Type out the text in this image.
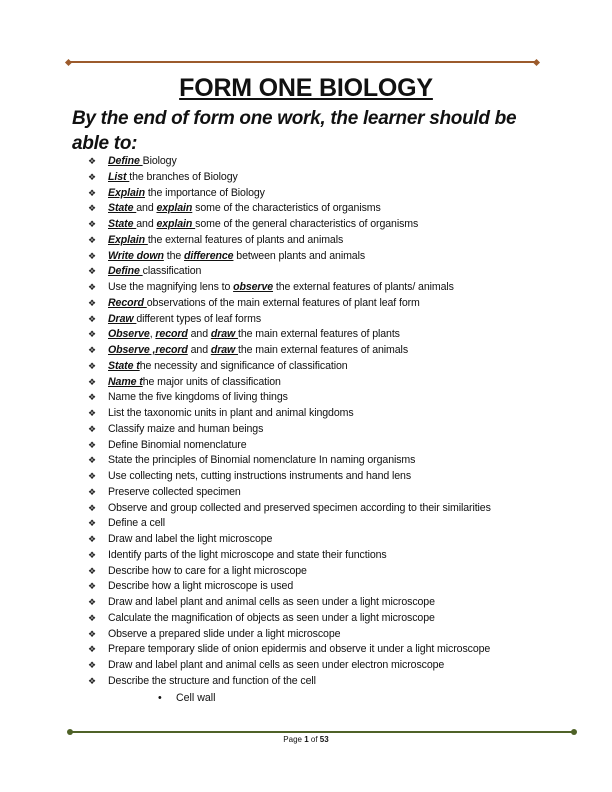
FORM ONE BIOLOGY
By the end of form one work, the learner should be able to:
❖ Define Biology
❖ List the branches of Biology
❖ Explain the importance of Biology
❖ State and explain some of the characteristics of organisms
❖ State and explain some of the general characteristics of organisms
❖ Explain the external features of plants and animals
❖ Write down the difference between plants and animals
❖ Define classification
❖ Use the magnifying lens to observe the external features of plants/ animals
❖ Record observations of the main external features of plant leaf form
❖ Draw different types of leaf forms
❖ Observe, record and draw the main external features of plants
❖ Observe ,record and draw the main external features of animals
❖ State the necessity and significance of classification
❖ Name the major units of classification
❖ Name the five kingdoms of living things
❖ List the taxonomic units in plant and animal kingdoms
❖ Classify maize and human beings
❖ Define Binomial nomenclature
❖ State the principles of Binomial nomenclature In naming organisms
❖ Use collecting nets, cutting instructions instruments and hand lens
❖ Preserve collected specimen
❖ Observe and group collected and preserved specimen according to their similarities
❖ Define a cell
❖ Draw and label the light microscope
❖ Identify parts of the light microscope and state their functions
❖ Describe how to care for a light microscope
❖ Describe how a light microscope is used
❖ Draw and label plant and animal cells as seen under a light microscope
❖ Calculate the magnification of objects as seen under a light microscope
❖ Observe a prepared slide under a light microscope
❖ Prepare temporary slide of onion epidermis and observe it under a light microscope
❖ Draw and label plant and animal cells as seen under electron microscope
❖ Describe the structure and function of the cell
• Cell wall
Page 1 of 53
